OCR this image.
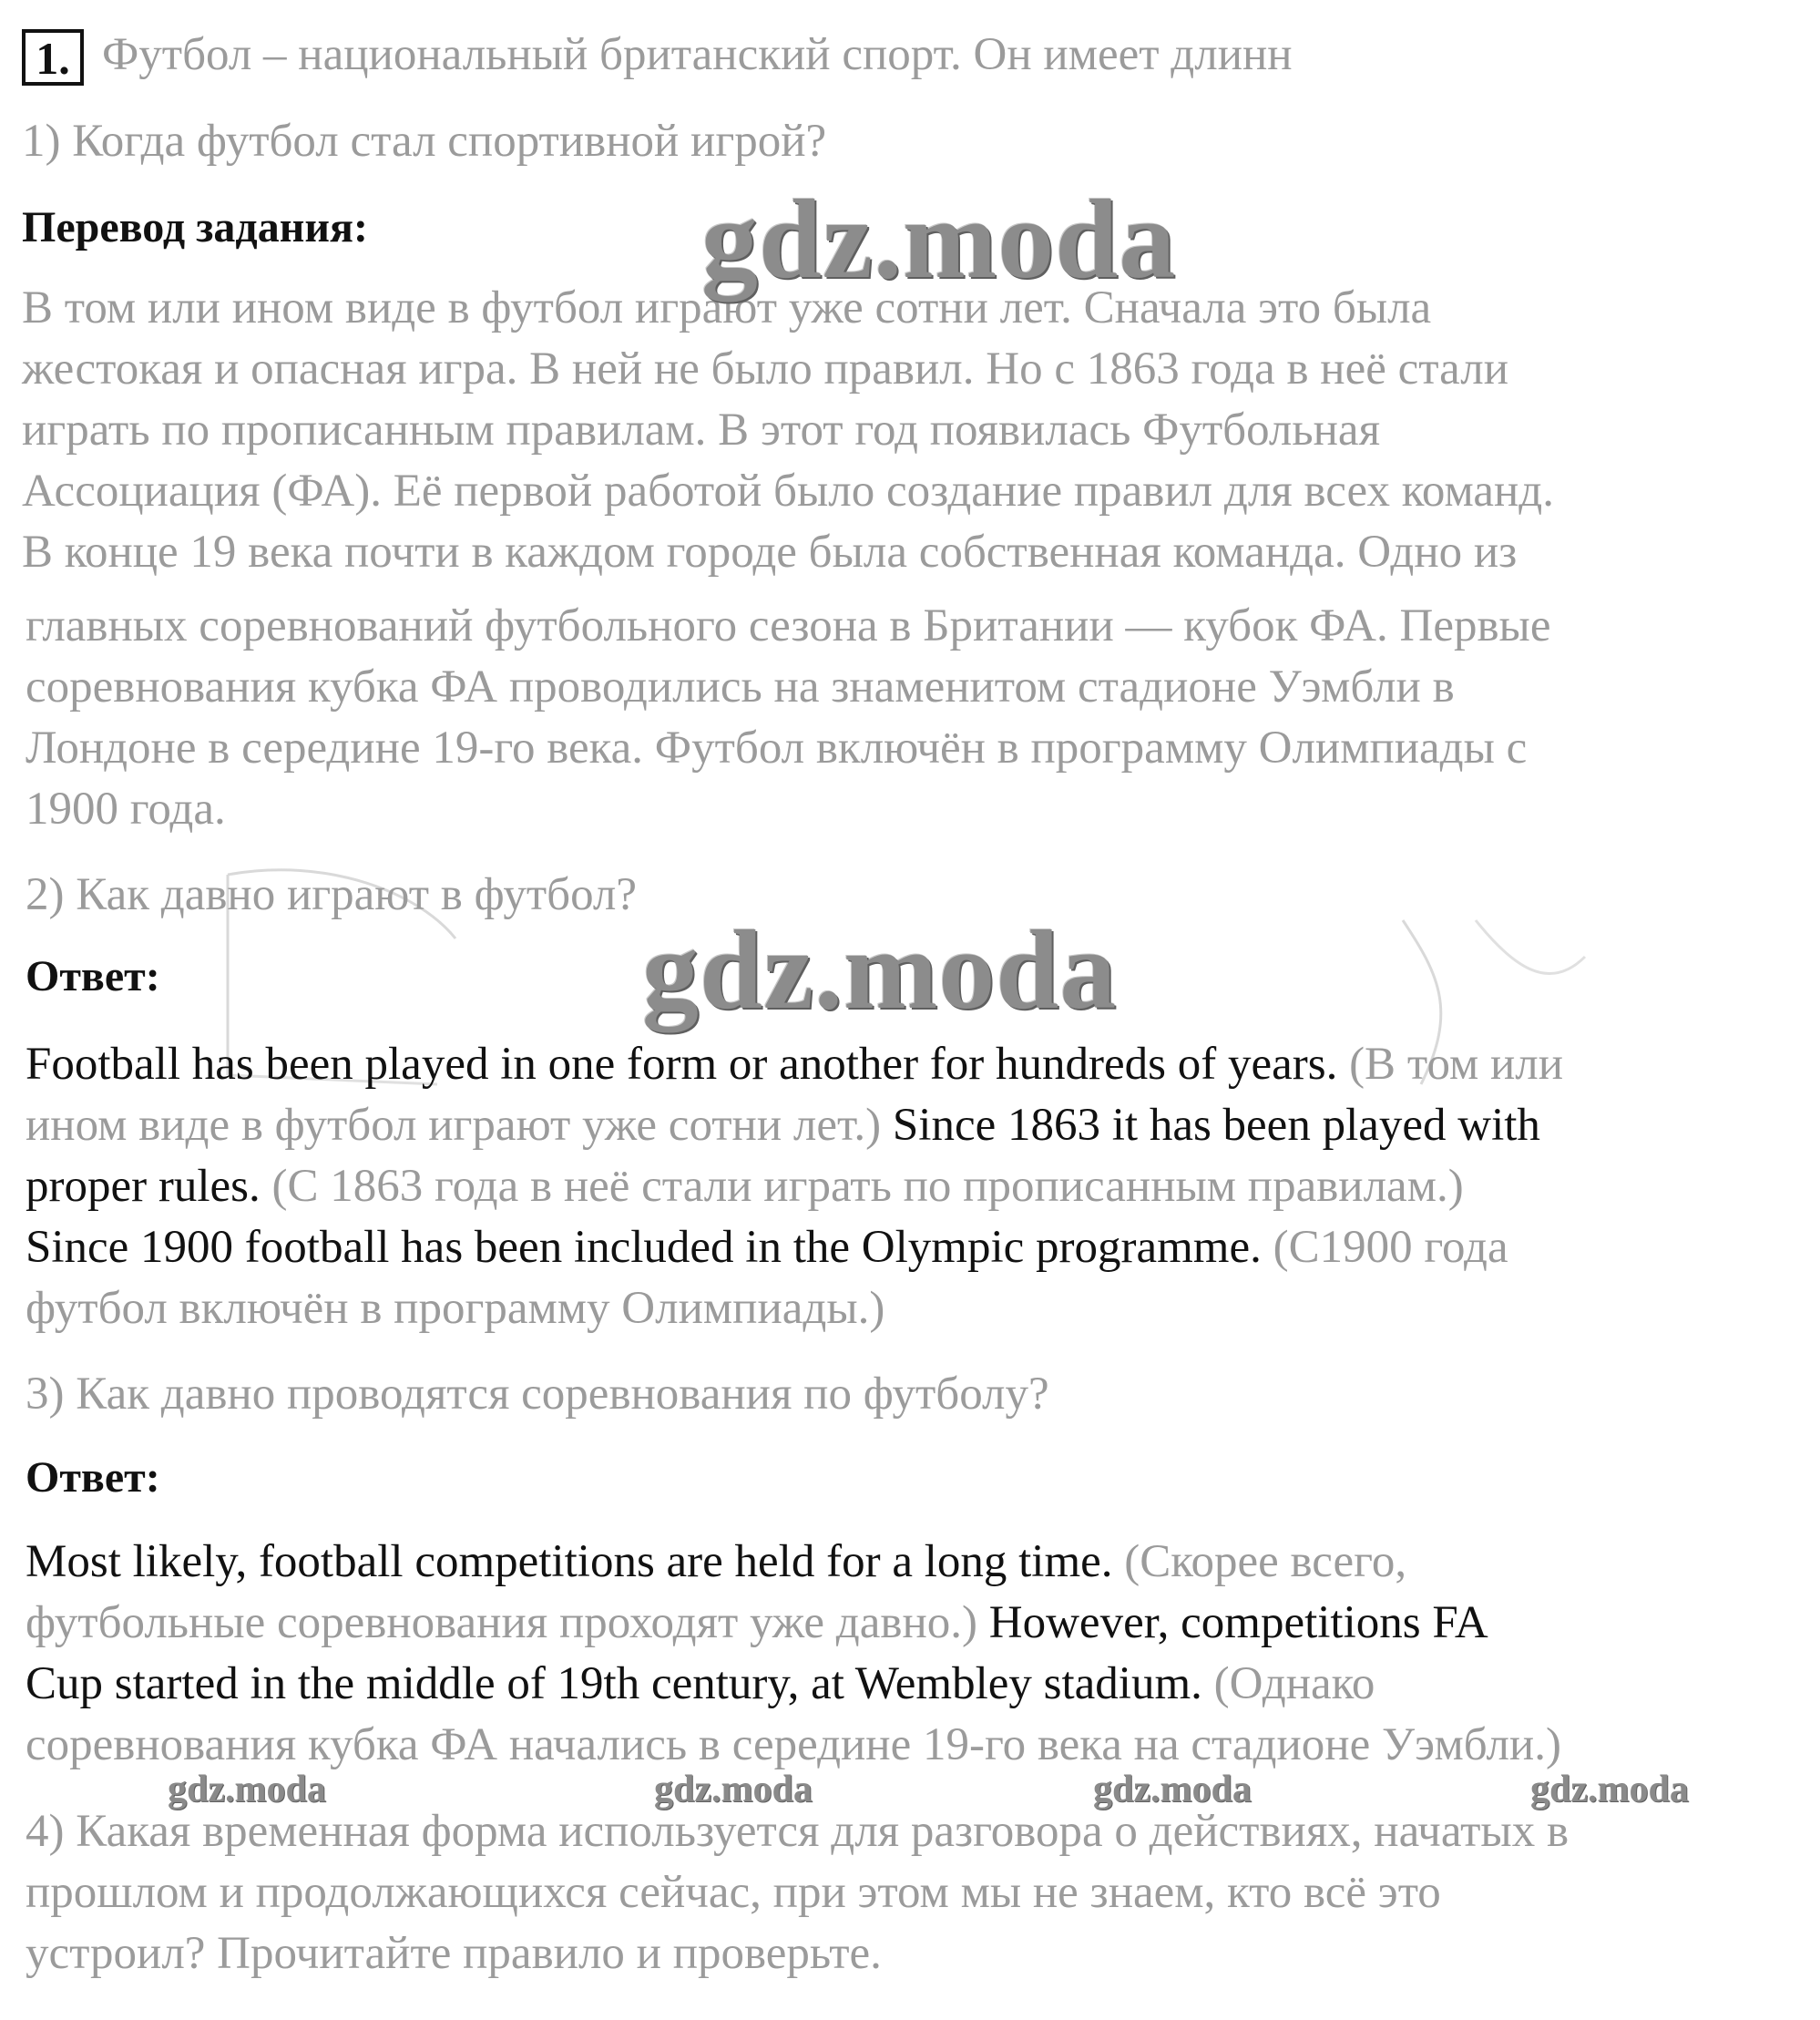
1. Футбол – национальный британский спорт. Он имеет длинн
1) Когда футбол стал спортивной игрой?
Перевод задания:
В том или ином виде в футбол играют уже сотни лет. Сначала это была
жестокая и опасная игра. В ней не было правил. Но с 1863 года в неё стали
играть по прописанным правилам. В этот год появилась Футбольная
Ассоциация (ФА). Её первой работой было создание правил для всех команд.
В конце 19 века почти в каждом городе была собственная команда. Одно из
главных соревнований футбольного сезона в Британии — кубок ФА. Первые
соревнования кубка ФА проводились на знаменитом стадионе Уэмбли в
Лондоне в середине 19-го века. Футбол включён в программу Олимпиады с
1900 года.
2) Как давно играют в футбол?
Ответ:
Football has been played in one form or another for hundreds of years. (В том или
ином виде в футбол играют уже сотни лет.) Since 1863 it has been played with
proper rules. (С 1863 года в неё стали играть по прописанным правилам.)
Since 1900 football has been included in the Olympic programme. (С1900 года
футбол включён в программу Олимпиады.)
3) Как давно проводятся соревнования по футболу?
Ответ:
Most likely, football competitions are held for a long time. (Скорее всего,
футбольные соревнования проходят уже давно.) However, competitions FA
Cup started in the middle of 19th century, at Wembley stadium. (Однако
соревнования кубка ФА начались в середине 19-го века на стадионе Уэмбли.)
4) Какая временная форма используется для разговора о действиях, начатых в
прошлом и продолжающихся сейчас, при этом мы не знаем, кто всё это
устроил? Прочитайте правило и проверьте.
gdz.moda
gdz.moda
gdz.moda	gdz.moda	gdz.moda	gdz.moda
